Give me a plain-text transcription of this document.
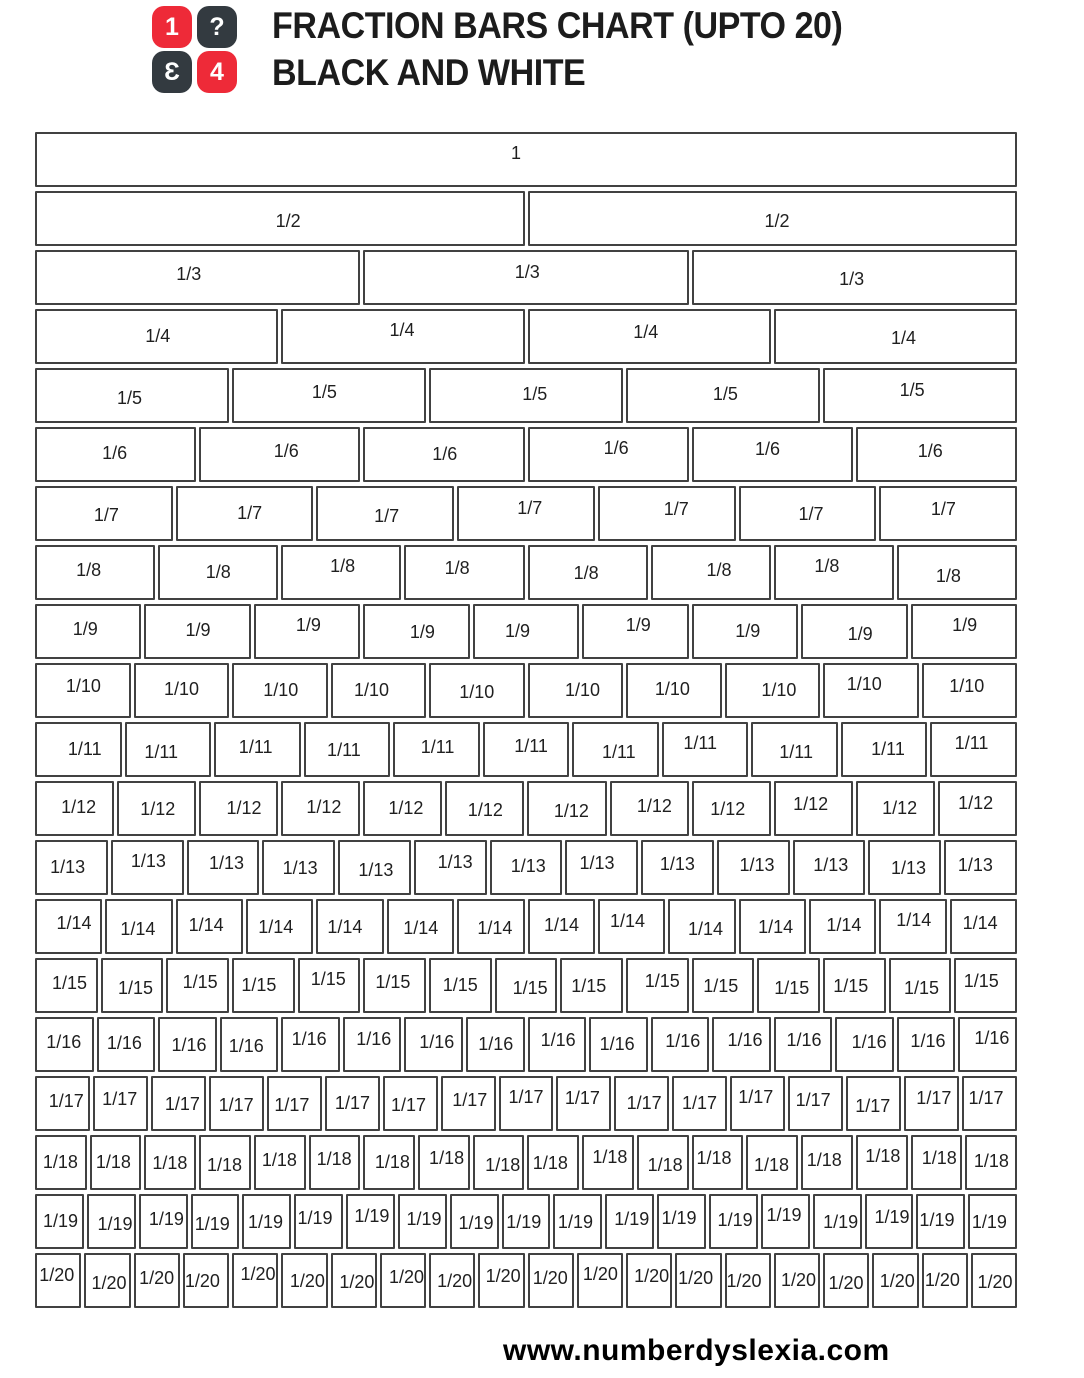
1 ?
Ɛ 4
FRACTION BARS CHART (UPTO 20)
BLACK AND WHITE
1
1/2	1/2
1/3	1/3	1/3
1/4	1/4	1/4	1/4
1/5	1/5	1/5	1/5	1/5
1/6	1/6	1/6	1/6	1/6	1/6
1/7	1/7	1/7	1/7	1/7	1/7	1/7
1/8	1/8	1/8	1/8	1/8	1/8	1/8	1/8
1/9	1/9	1/9	1/9	1/9	1/9	1/9	1/9	1/9
1/10	1/10	1/10	1/10	1/10	1/10	1/10	1/10	1/10	1/10
1/11 1/11	1/11	1/11	1/11	1/11	1/11	1/11	1/11	1/11	1/11
1/12 1/12	1/12 1/12	1/12 1/12	1/12	1/12 1/12	1/12	1/12 1/12
1/13	1/13 1/13 1/13 1/13 1/13 1/13 1/13	1/13 1/13 1/13 1/13 1/13
1/14 1/14 1/14 1/14 1/14 1/14 1/14 1/14 1/14 1/14 1/14 1/14 1/14 1/14
1/15 1/15 1/15 1/15 1/15 1/15 1/15 1/15 1/15 1/15 1/15 1/15 1/15 1/15 1/15
1/16 1/16 1/16 1/16 1/16 1/16 1/16 1/16 1/16 1/16 1/16 1/16 1/16 1/16 1/16 1/16
1/17 1/17 1/17 1/17 1/17 1/17 1/17 1/17 1/17 1/17 1/17 1/17 1/17 1/17 1/17 1/17 1/17
1/18 1/18 1/18 1/18 1/18 1/18 1/18 1/18 1/18 1/18 1/18 1/18 1/18 1/18 1/18 1/18 1/18 1/18
1/19 1/19 1/19 1/19 1/19 1/19 1/19 1/19 1/19 1/19 1/19 1/19 1/19 1/19 1/19 1/19 1/19 1/19 1/19
1/20 1/20 1/20 1/20 1/20 1/20 1/20 1/20 1/20 1/20 1/20 1/20 1/20 1/20 1/20 1/20 1/20 1/20 1/20 1/20
www.numberdyslexia.com
